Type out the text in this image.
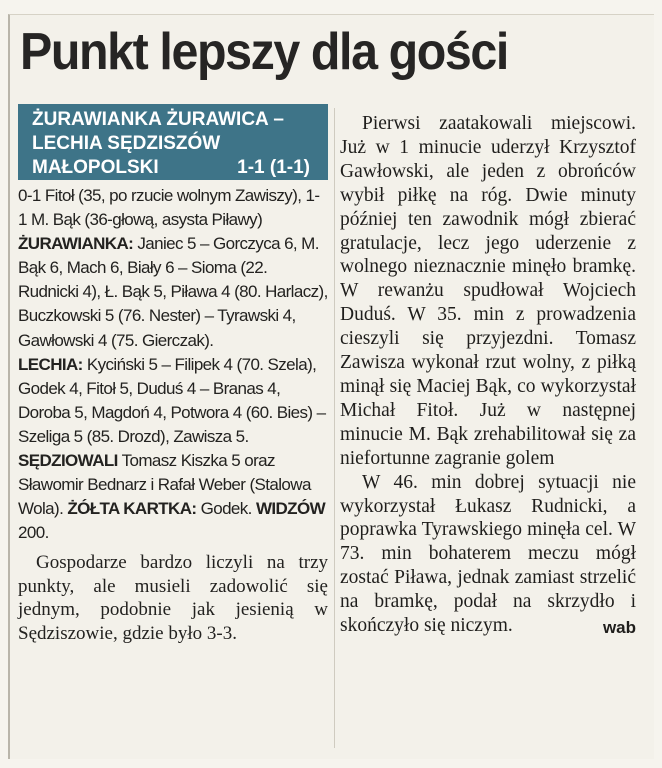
Punkt lepszy dla gości
ŻURAWIANKA ŻURAWICA –
LECHIA SĘDZISZÓW
MAŁOPOLSKI	1-1 (1-1)

0-1 Fitoł (35, po rzucie wolnym Zawiszy), 1-1 M. Bąk (36-głową, asysta Piławy)

ŻURAWIANKA: Janiec 5 – Gorczyca 6, M. Bąk 6, Mach 6, Biały 6 – Sioma (22. Rudnicki 4), Ł. Bąk 5, Piława 4 (80. Harlacz), Buczkowski 5 (76. Nester) – Tyrawski 4, Gawłowski 4 (75. Gierczak).

LECHIA: Kyciński 5 – Filipek 4 (70. Szela), Godek 4, Fitoł 5, Duduś 4 – Branas 4, Doroba 5, Magdoń 4, Potwora 4 (60. Bies) – Szeliga 5 (85. Drozd), Zawisza 5.

SĘDZIOWALI Tomasz Kiszka 5 oraz Sławomir Bednarz i Rafał Weber (Stalowa Wola). ŻÓŁTA KARTKA: Godek. WIDZÓW 200.

Gospodarze bardzo liczyli na trzy punkty, ale musieli zadowolić się jednym, podobnie jak jesienią w Sędziszowie, gdzie było 3-3.

Pierwsi zaatakowali miejscowi. Już w 1 minucie uderzył Krzysztof Gawłowski, ale jeden z obrońców wybił piłkę na róg. Dwie minuty później ten zawodnik mógł zbierać gratulacje, lecz jego uderzenie z wolnego nieznacznie minęło bramkę. W rewanżu spudłował Wojciech Duduś. W 35. min z prowadzenia cieszyli się przyjezdni. Tomasz Zawisza wykonał rzut wolny, z piłką minął się Maciej Bąk, co wykorzystał Michał Fitoł. Już w następnej minucie M. Bąk zrehabilitował się za niefortunne zagranie golem

W 46. min dobrej sytuacji nie wykorzystał Łukasz Rudnicki, a poprawka Tyrawskiego minęła cel. W 73. min bohaterem meczu mógł zostać Piława, jednak zamiast strzelić na bramkę, podał na skrzydło i skończyło się niczym.	wab
